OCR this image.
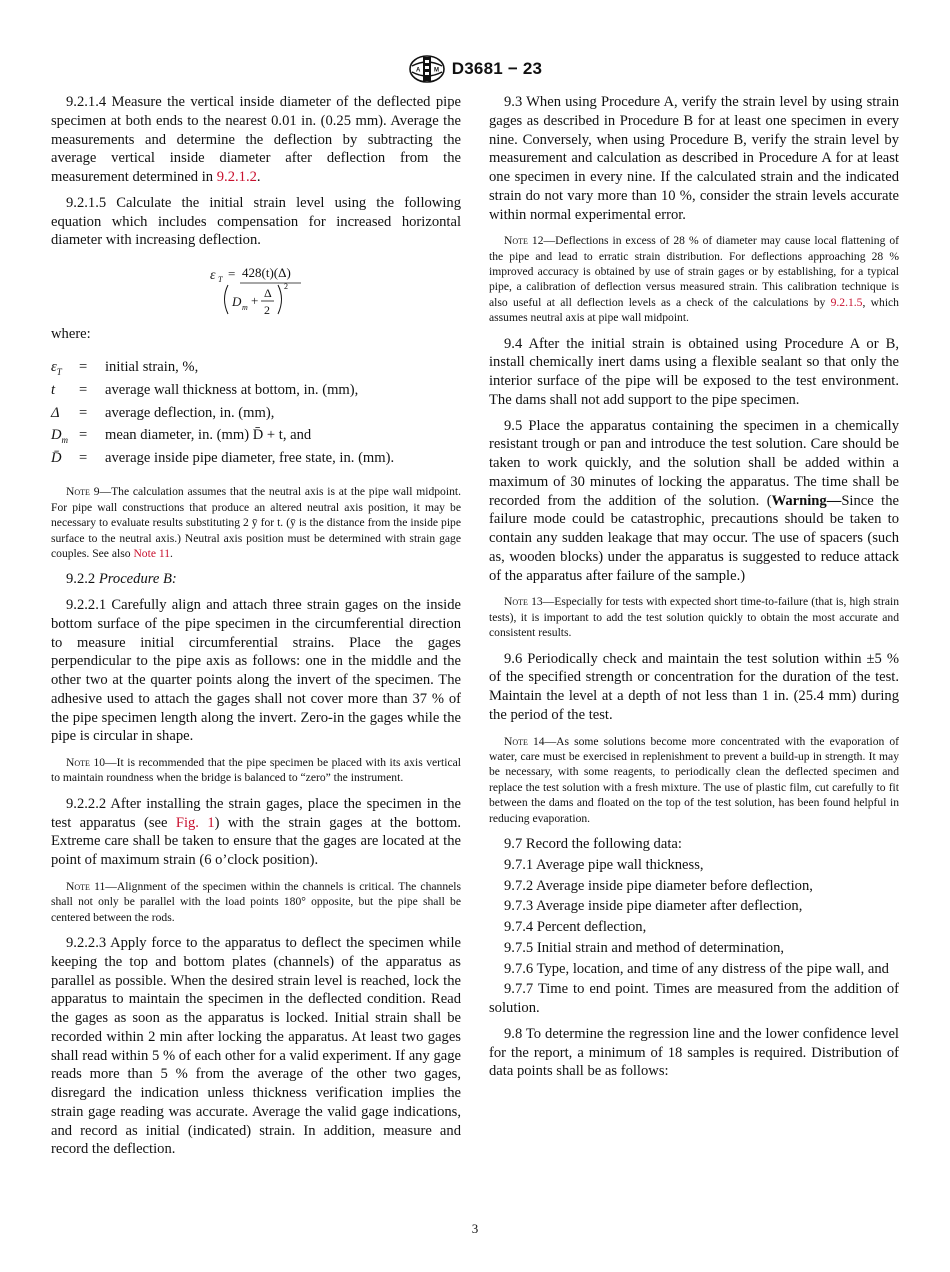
A M D3681 − 23

9.2.1.4 Measure the vertical inside diameter of the deflected pipe specimen at both ends to the nearest 0.01 in. (0.25 mm). Average the measurements and determine the deflection by subtracting the average vertical inside diameter after deflection from the measurement determined in 9.2.1.2.

9.2.1.5 Calculate the initial strain level using the following equation which includes compensation for increased horizontal diameter with increasing deflection.

ε T = 428(t)(Δ)
D m + Δ
2
2

where:

$\varepsilon_T$	=	initial strain, %,
t	=	average wall thickness at bottom, in. (mm),
Δ	=	average deflection, in. (mm),
$D_m$	=	mean diameter, in. (mm) D̄ + t, and
D̄	=	average inside pipe diameter, free state, in. (mm).

Note 9—The calculation assumes that the neutral axis is at the pipe wall midpoint. For pipe wall constructions that produce an altered neutral axis position, it may be necessary to evaluate results substituting 2 ȳ for t. (ȳ is the distance from the inside pipe surface to the neutral axis.) Neutral axis position must be determined with strain gage couples. See also Note 11.

9.2.2 Procedure B:

9.2.2.1 Carefully align and attach three strain gages on the inside bottom surface of the pipe specimen in the circumferential direction to measure initial circumferential strains. Place the gages perpendicular to the pipe axis as follows: one in the middle and the other two at the quarter points along the invert of the specimen. The adhesive used to attach the gages shall not cover more than 37 % of the pipe specimen length along the invert. Zero-in the gages while the pipe is circular in shape.

Note 10—It is recommended that the pipe specimen be placed with its axis vertical to maintain roundness when the bridge is balanced to “zero” the instrument.

9.2.2.2 After installing the strain gages, place the specimen in the test apparatus (see Fig. 1) with the strain gages at the bottom. Extreme care shall be taken to ensure that the gages are located at the point of maximum strain (6 o’clock position).

Note 11—Alignment of the specimen within the channels is critical. The channels shall not only be parallel with the load points 180° opposite, but the pipe shall be centered between the rods.

9.2.2.3 Apply force to the apparatus to deflect the specimen while keeping the top and bottom plates (channels) of the apparatus as parallel as possible. When the desired strain level is reached, lock the apparatus to maintain the specimen in the deflected condition. Read the gages as soon as the apparatus is locked. Initial strain shall be recorded within 2 min after locking the apparatus. At least two gages shall read within 5 % of each other for a valid experiment. If any gage reads more than 5 % from the average of the other two gages, disregard the indication unless thickness verification implies the strain gage reading was accurate. Average the valid gage indications, and record as initial (indicated) strain. In addition, measure and record the deflection.

9.3 When using Procedure A, verify the strain level by using strain gages as described in Procedure B for at least one specimen in every nine. Conversely, when using Procedure B, verify the strain level by measurement and calculation as described in Procedure A for at least one specimen in every nine. If the calculated strain and the indicated strain do not vary more than 10 %, consider the strain levels accurate within normal experimental error.

Note 12—Deflections in excess of 28 % of diameter may cause local flattening of the pipe and lead to erratic strain distribution. For deflections approaching 28 % improved accuracy is obtained by use of strain gages or by establishing, for a typical pipe, a calibration of deflection versus measured strain. This calibration technique is also useful at all deflection levels as a check of the calculations by 9.2.1.5, which assumes neutral axis at pipe wall midpoint.

9.4 After the initial strain is obtained using Procedure A or B, install chemically inert dams using a flexible sealant so that only the interior surface of the pipe will be exposed to the test environment. The dams shall not add support to the pipe specimen.

9.5 Place the apparatus containing the specimen in a chemically resistant trough or pan and introduce the test solution. Care should be taken to work quickly, and the solution shall be added within a maximum of 30 minutes of locking the apparatus. The time shall be recorded from the addition of the solution. (Warning—Since the failure mode could be catastrophic, precautions should be taken to contain any sudden leakage that may occur. The use of spacers (such as, wooden blocks) under the apparatus is suggested to reduce attack of the apparatus after failure of the sample.)

Note 13—Especially for tests with expected short time-to-failure (that is, high strain tests), it is important to add the test solution quickly to obtain the most accurate and consistent results.

9.6 Periodically check and maintain the test solution within ±5 % of the specified strength or concentration for the duration of the test. Maintain the level at a depth of not less than 1 in. (25.4 mm) during the period of the test.

Note 14—As some solutions become more concentrated with the evaporation of water, care must be exercised in replenishment to prevent a build-up in strength. It may be necessary, with some reagents, to periodically clean the deflected specimen and replace the test solution with a fresh mixture. The use of plastic film, cut carefully to fit between the dams and floated on the top of the test solution, has been found helpful in reducing evaporation.

9.7 Record the following data:

9.7.1 Average pipe wall thickness,

9.7.2 Average inside pipe diameter before deflection,

9.7.3 Average inside pipe diameter after deflection,

9.7.4 Percent deflection,

9.7.5 Initial strain and method of determination,

9.7.6 Type, location, and time of any distress of the pipe wall, and

9.7.7 Time to end point. Times are measured from the addition of solution.

9.8 To determine the regression line and the lower confidence level for the report, a minimum of 18 samples is required. Distribution of data points shall be as follows:

3
